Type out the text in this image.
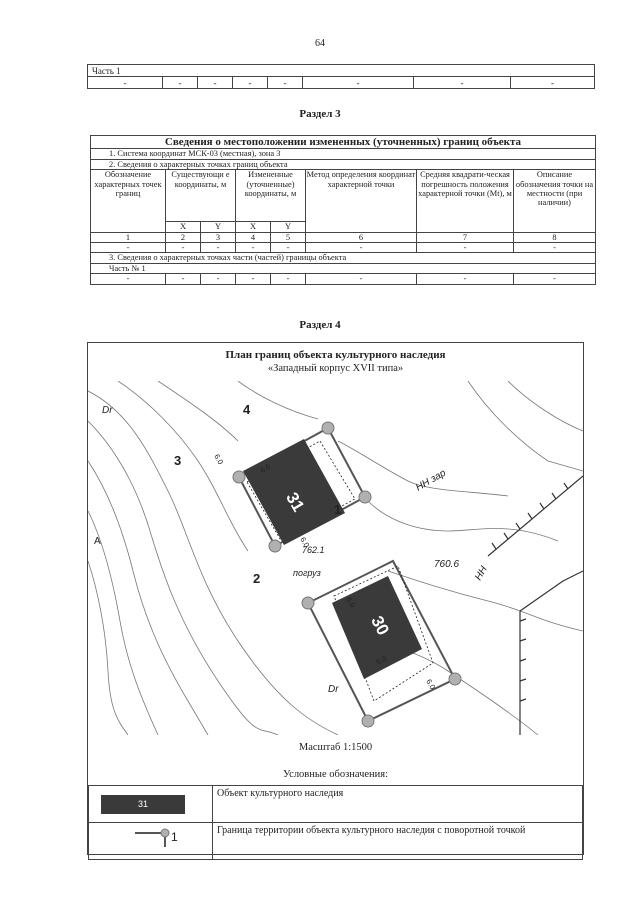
64
Часть 1
-	-	-	-	-	-	-	-
Раздел 3
Сведения о местоположении измененных (уточненных) границ объекта							
1. Система координат МСК-03 (местная), зона 3							
2. Сведения о характерных точках границ объекта							
Обозначение характерных точек границ	Существующи е координаты, м		Измененные (уточненные) координаты, м		Метод определения координат характерной точки	Средняя квадрати-ческая погрешность положения характерной точки (Mt), м	Описание обозначения точки на местности (при наличии)
	X	Y	X	Y			
1	2	3	4	5	6	7	8
-	-	-	-	-	-	-	-
3. Сведения о характерных точках части (частей) границы объекта							
Часть № 1							
-	-	-	-	-	-	-	-
Раздел 4
План границ объекта культурного наследия
«Западный корпус XVII типа»
31
30
1
2
3
4
760.6
762.1
погруз
НН зар
НН
Dr
Dr
А
6.0
6.0
6.0
6.0
6.0
6.0
Масштаб 1:1500
Условные обозначения:
31	Объект культурного наследия

1	Граница территории объекта культурного наследия с поворотной точкой
